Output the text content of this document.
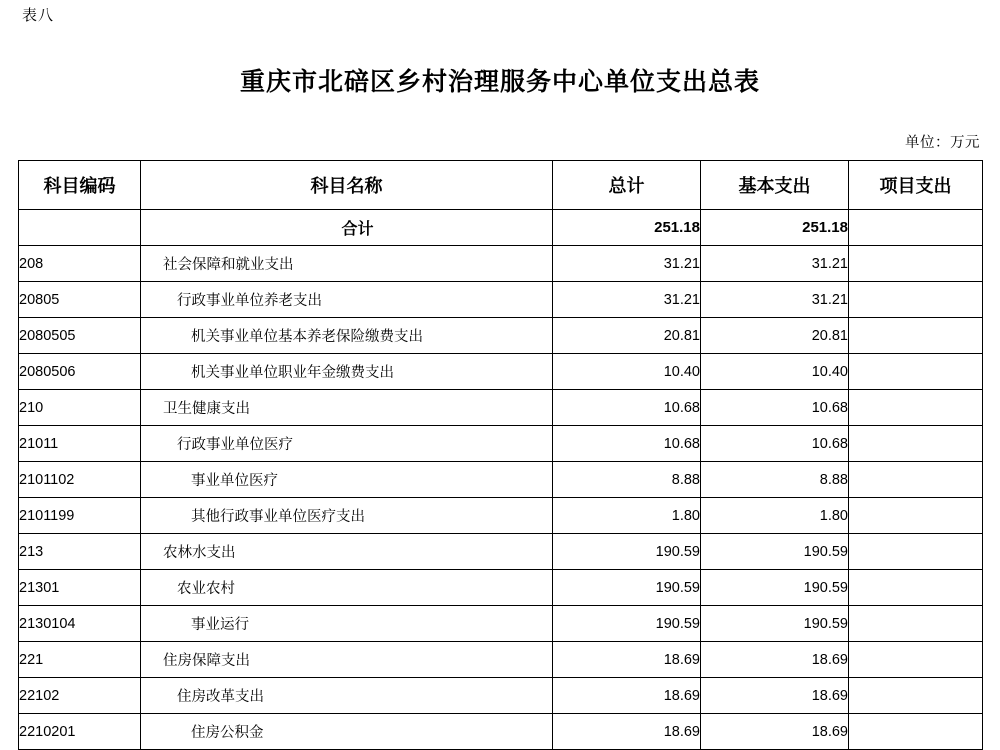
表八
重庆市北碚区乡村治理服务中心单位支出总表
单位：万元
科目编码	科目名称	总计	基本支出	项目支出
	合计	251.18	251.18	
208	社会保障和就业支出	31.21	31.21	
20805	行政事业单位养老支出	31.21	31.21	
2080505	机关事业单位基本养老保险缴费支出	20.81	20.81	
2080506	机关事业单位职业年金缴费支出	10.40	10.40	
210	卫生健康支出	10.68	10.68	
21011	行政事业单位医疗	10.68	10.68	
2101102	事业单位医疗	8.88	8.88	
2101199	其他行政事业单位医疗支出	1.80	1.80	
213	农林水支出	190.59	190.59	
21301	农业农村	190.59	190.59	
2130104	事业运行	190.59	190.59	
221	住房保障支出	18.69	18.69	
22102	住房改革支出	18.69	18.69	
2210201	住房公积金	18.69	18.69	
